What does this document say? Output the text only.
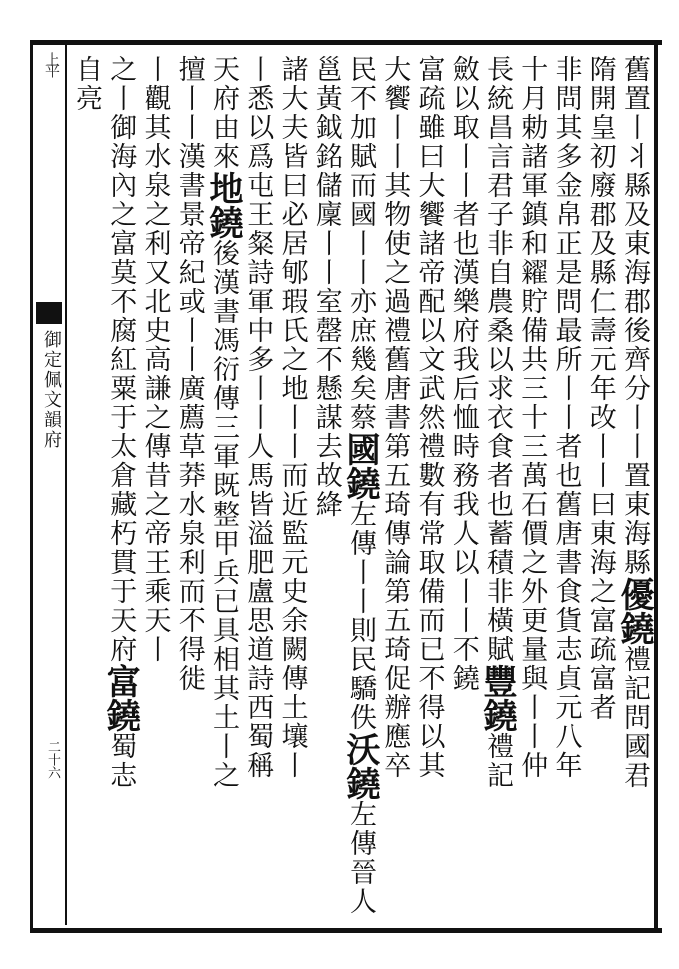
上平
御定佩文韻府
二十六
舊置丨丬縣及東海郡後齊分丨丨置東海縣優鐃禮記問國君
隋開皇初廢郡及縣仁壽元年改丨丨曰東海之富疏富者
非問其多金帛正是問最所丨丨者也舊唐書食貨志貞元八年
十月勅諸軍鎮和糴貯備共三十三萬石價之外更量與丨丨仲
長統昌言君子非自農桑以求衣食者也蓄積非橫賦豐鐃禮記
斂以取丨丨者也漢樂府我后恤時務我人以丨丨不鐃
富疏雖曰大饗諸帝配以文武然禮數有常取備而已不得以其
大饗丨丨其物使之過禮舊唐書第五琦傳論第五琦促辦應卒
民不加賦而國丨丨亦庶幾矣蔡國鐃左傳丨丨則民驕佚沃鐃左傳晉人
邕黃鉞銘儲廩丨丨室罄不懸謀去故絳
諸大夫皆曰必居郇瑕氏之地丨丨而近監元史余闕傳土壤丨
丨悉以爲屯王粲詩軍中多丨丨人馬皆溢肥盧思道詩西蜀稱
天府由來地鐃後漢書馮衍傳三軍既整甲兵已具相其土丨之
擅丨丨漢書景帝紀或丨丨廣薦草莽水泉利而不得徙
丨觀其水泉之利又北史高謙之傳昔之帝王乘天丨
之丨御海內之富莫不腐紅粟于太倉藏朽貫于天府富鐃蜀志
自亮
